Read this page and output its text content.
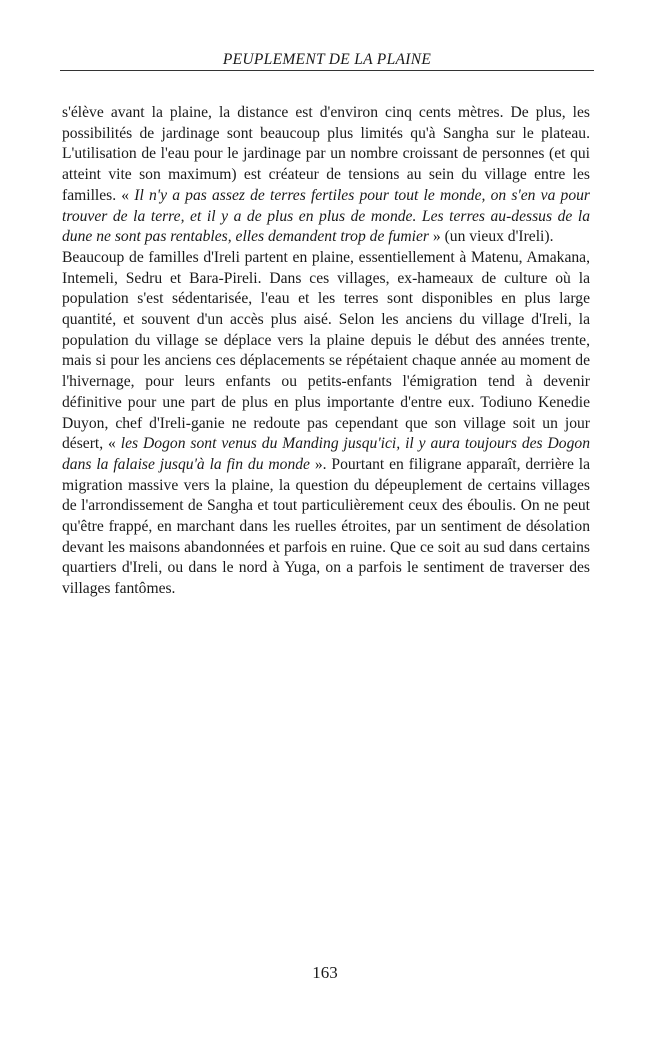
PEUPLEMENT DE LA PLAINE

s'élève avant la plaine, la distance est d'environ cinq cents mètres. De plus, les possibilités de jardinage sont beaucoup plus limités qu'à Sangha sur le plateau. L'utilisation de l'eau pour le jardinage par un nombre croissant de personnes (et qui atteint vite son maximum) est créateur de tensions au sein du village entre les familles. « Il n'y a pas assez de terres fertiles pour tout le monde, on s'en va pour trouver de la terre, et il y a de plus en plus de monde. Les terres au-dessus de la dune ne sont pas rentables, elles demandent trop de fumier » (un vieux d'Ireli).

Beaucoup de familles d'Ireli partent en plaine, essentiellement à Matenu, Amakana, Intemeli, Sedru et Bara-Pireli. Dans ces villages, ex-hameaux de culture où la population s'est sédentarisée, l'eau et les terres sont disponibles en plus large quantité, et souvent d'un accès plus aisé. Selon les anciens du village d'Ireli, la population du village se déplace vers la plaine depuis le début des années trente, mais si pour les anciens ces déplacements se répétaient chaque année au moment de l'hivernage, pour leurs enfants ou petits-enfants l'émigration tend à devenir définitive pour une part de plus en plus importante d'entre eux. Todiuno Kenedie Duyon, chef d'Ireli-ganie ne redoute pas cependant que son village soit un jour désert, « les Dogon sont venus du Manding jusqu'ici, il y aura toujours des Dogon dans la falaise jusqu'à la fin du monde ». Pourtant en filigrane apparaît, derrière la migration massive vers la plaine, la question du dépeuplement de certains villages de l'arrondissement de Sangha et tout particulièrement ceux des éboulis. On ne peut qu'être frappé, en marchant dans les ruelles étroites, par un sentiment de désolation devant les maisons abandonnées et parfois en ruine. Que ce soit au sud dans certains quartiers d'Ireli, ou dans le nord à Yuga, on a parfois le sentiment de traverser des villages fantômes.

163
